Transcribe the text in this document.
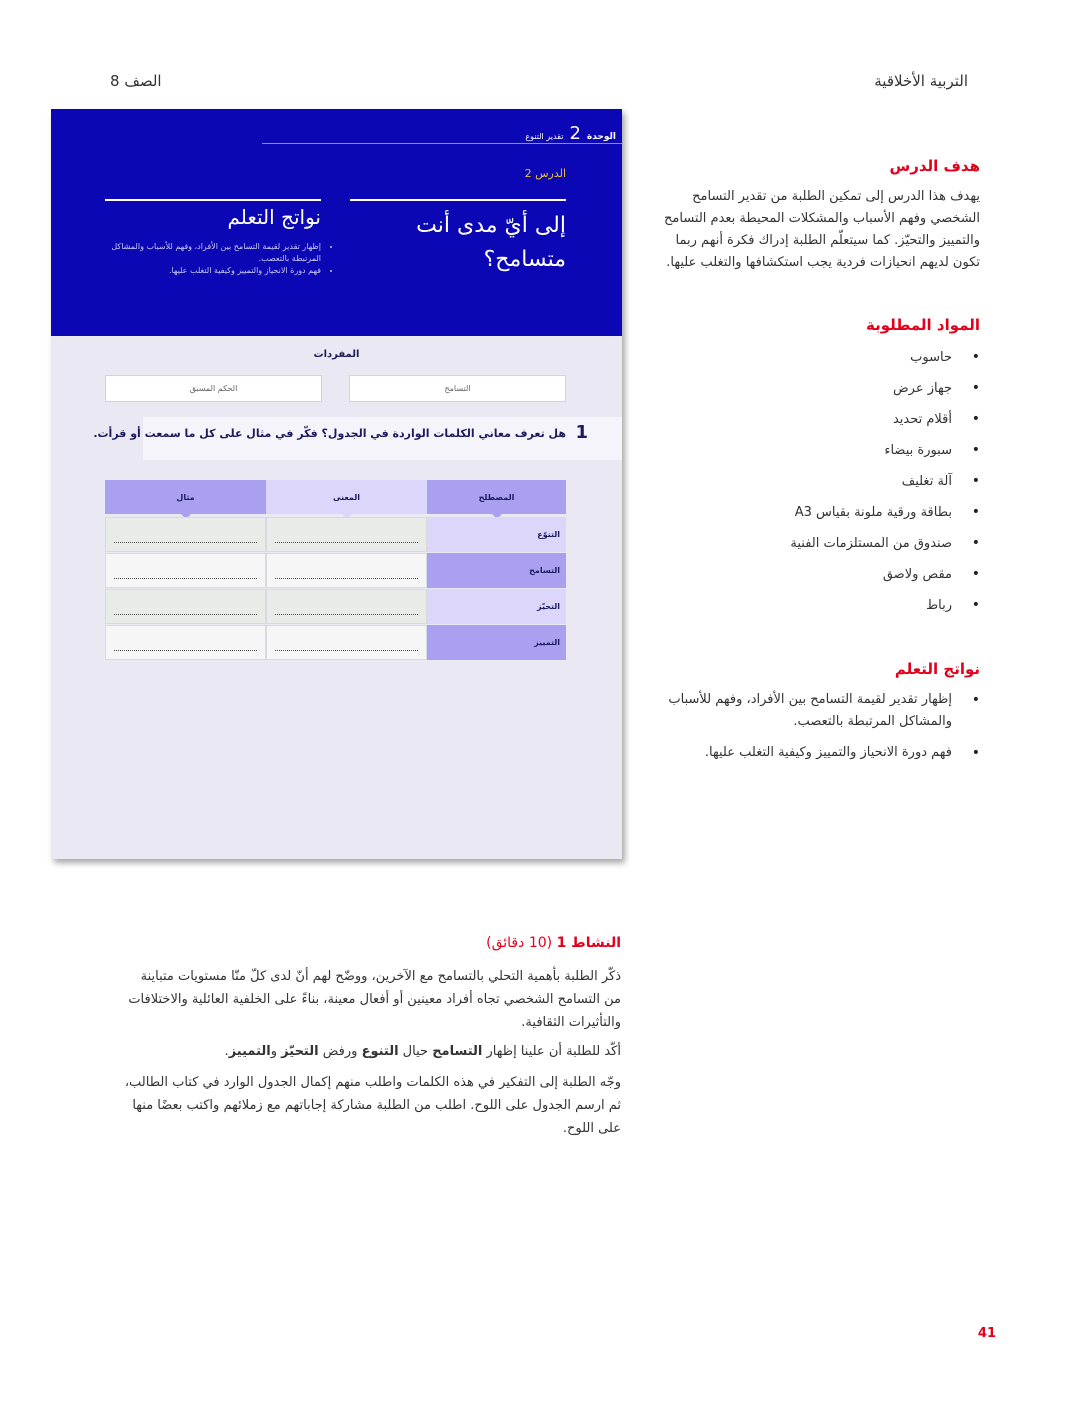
التربية الأخلاقية
الصف 8
الوحدة
2
تقدير التنوع
الدرس 2
إلى أيّ مدى أنت متسامح؟
نواتج التعلم
• إظهار تقدير لقيمة التسامح بين الأفراد، وفهم للأسباب والمشاكل المرتبطة بالتعصب.
• فهم دورة الانحياز والتمييز وكيفية التغلب عليها.
المفردات
التسامح
الحكم المسبق
1
هل تعرف معاني الكلمات الواردة في الجدول؟ فكّر في مثال على كل ما سمعت أو قرأت.
المصطلح
المعنى
مثال
التنوّع
التسامح
التحيّز
التمييز
هدف الدرس

يهدف هذا الدرس إلى تمكين الطلبة من تقدير التسامح الشخصي وفهم الأسباب والمشكلات المحيطة بعدم التسامح والتمييز والتحيّز. كما سيتعلّم الطلبة إدراك فكرة أنهم ربما تكون لديهم انحيازات فردية يجب استكشافها والتغلب عليها.

المواد المطلوبة
• حاسوب
• جهاز عرض
• أقلام تحديد
• سبورة بيضاء
• آلة تغليف
• بطاقة ورقية ملونة بقياس A3
• صندوق من المستلزمات الفنية
• مقص ولاصق
• رباط
نواتج التعلم
• إظهار تقدير لقيمة التسامح بين الأفراد، وفهم للأسباب والمشاكل المرتبطة بالتعصب.
• فهم دورة الانحياز والتمييز وكيفية التغلب عليها.
النشاط 1 (10 دقائق)

ذكّر الطلبة بأهمية التحلي بالتسامح مع الآخرين، ووضّح لهم أنّ لدى كلّ منّا مستويات متباينة من التسامح الشخصي تجاه أفراد معينين أو أفعال معينة، بناءً على الخلفية العائلية والاختلافات والتأثيرات الثقافية.

أكّد للطلبة أن علينا إظهار التسامح حيال التنوع ورفض التحيّز والتمييز.

وجّه الطلبة إلى التفكير في هذه الكلمات واطلب منهم إكمال الجدول الوارد في كتاب الطالب، ثم ارسم الجدول على اللوح. اطلب من الطلبة مشاركة إجاباتهم مع زملائهم واكتب بعضًا منها على اللوح.

41
